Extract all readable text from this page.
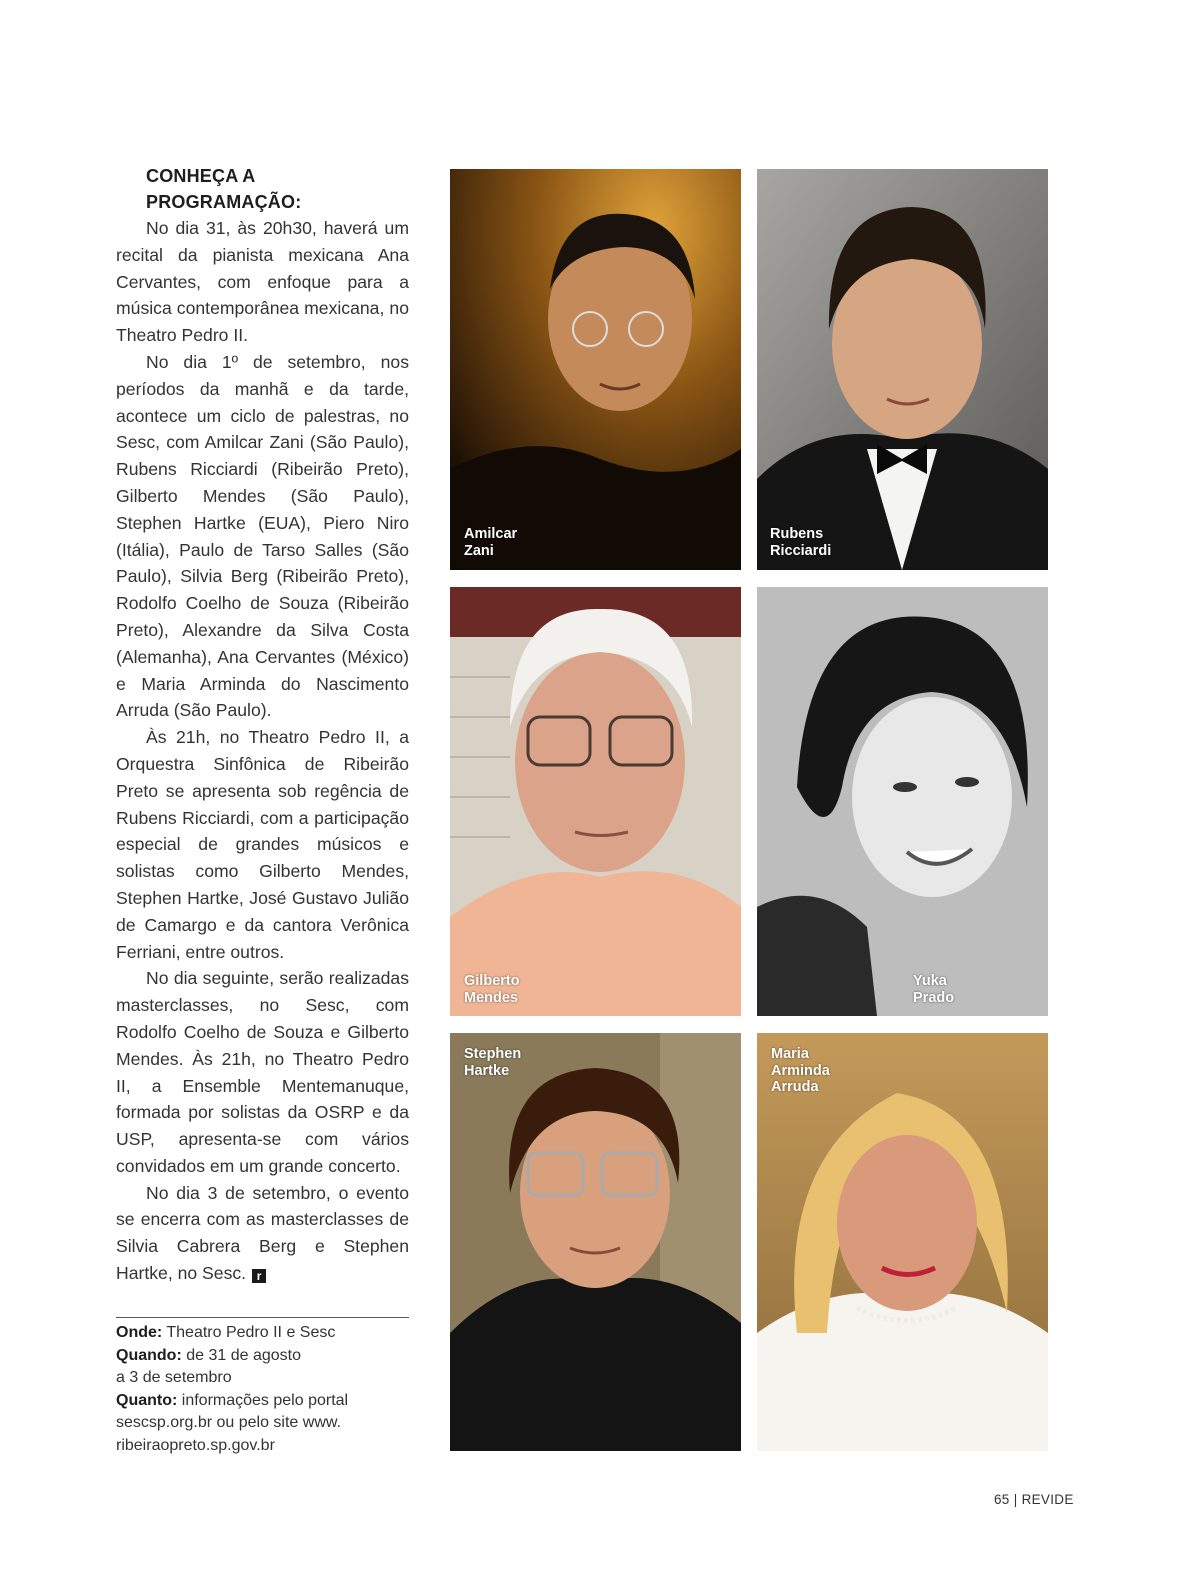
CONHEÇA A
PROGRAMAÇÃO:

No dia 31, às 20h30, haverá um recital da pianista mexicana Ana Cervantes, com enfoque para a música contemporânea mexicana, no Theatro Pedro II.

No dia 1º de setembro, nos períodos da manhã e da tarde, acontece um ciclo de palestras, no Sesc, com Amilcar Zani (São Paulo), Rubens Ricciardi (Ribeirão Preto), Gilberto Mendes (São Paulo), Stephen Hartke (EUA), Piero Niro (Itália), Paulo de Tarso Salles (São Paulo), Silvia Berg (Ribeirão Preto), Rodolfo Coelho de Souza (Ribeirão Preto), Alexandre da Silva Costa (Alemanha), Ana Cervantes (México) e Maria Arminda do Nascimento Arruda (São Paulo).

Às 21h, no Theatro Pedro II, a Orquestra Sinfônica de Ribeirão Preto se apresenta sob regência de Rubens Ricciardi, com a participação especial de grandes músicos e solistas como Gilberto Mendes, Stephen Hartke, José Gustavo Julião de Camargo e da cantora Verônica Ferriani, entre outros.

No dia seguinte, serão realizadas masterclasses, no Sesc, com Rodolfo Coelho de Souza e Gilberto Mendes. Às 21h, no Theatro Pedro II, a Ensemble Mentemanuque, formada por solistas da OSRP e da USP, apresenta-se com vários convidados em um grande concerto.

No dia 3 de setembro, o evento se encerra com as masterclasses de Silvia Cabrera Berg e Stephen Hartke, no Sesc. r

Onde: Theatro Pedro II e Sesc
Quando: de 31 de agosto
a 3 de setembro
Quanto: informações pelo portal
sescsp.org.br ou pelo site www.
ribeiraopreto.sp.gov.br
Amilcar
Zani
Rubens
Ricciardi
Gilberto
Mendes
Yuka
Prado
Stephen
Hartke
Maria
Arminda
Arruda
65 | REVIDE
